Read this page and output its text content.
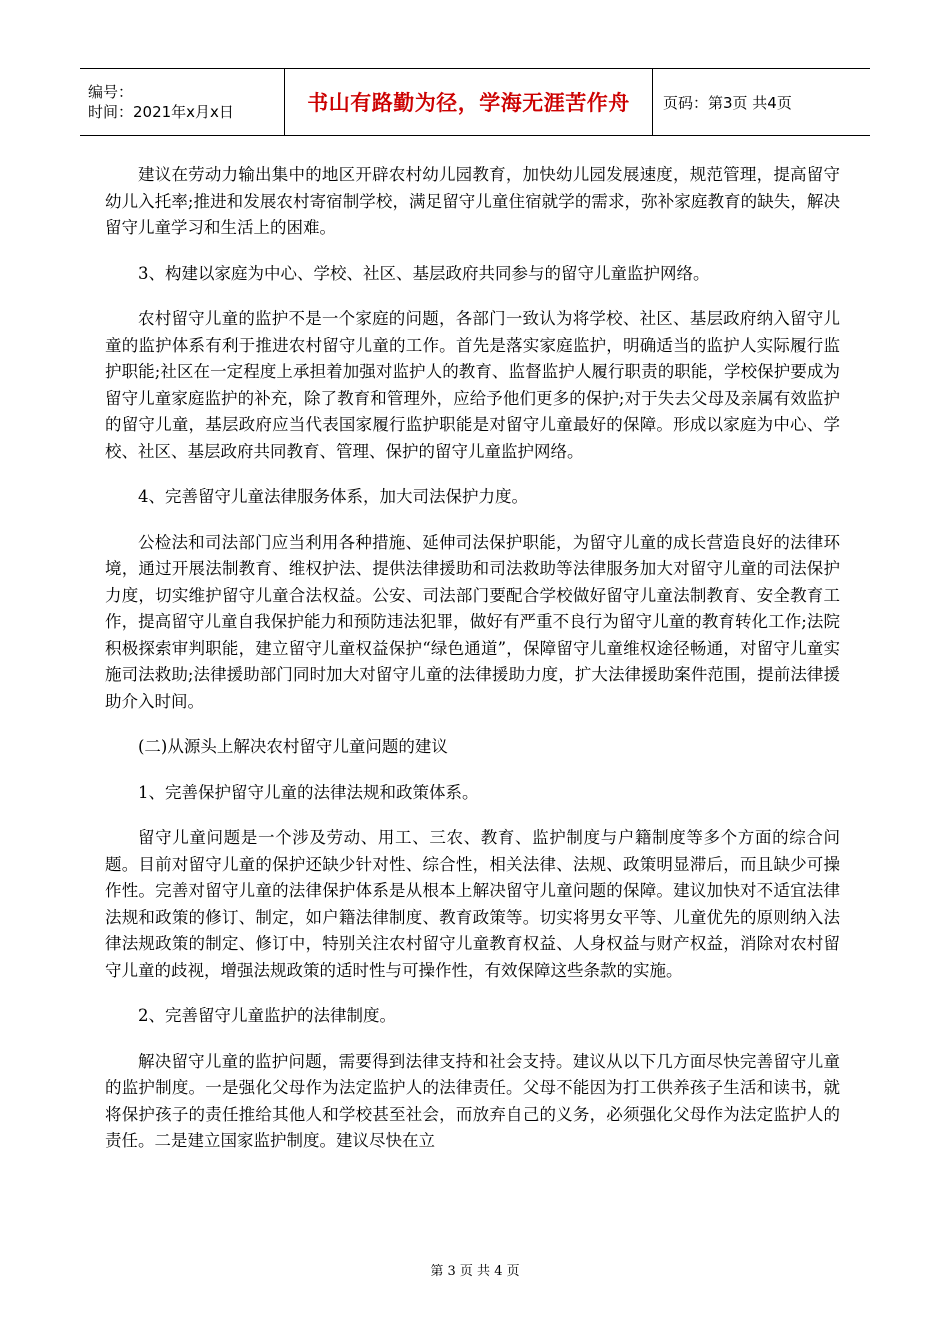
编号：
时间：2021年x月x日	书山有路勤为径，学海无涯苦作舟	页码：第3页 共4页

建议在劳动力输出集中的地区开辟农村幼儿园教育，加快幼儿园发展速度，规范管理，提高留守幼儿入托率;推进和发展农村寄宿制学校，满足留守儿童住宿就学的需求，弥补家庭教育的缺失，解决留守儿童学习和生活上的困难。

3、构建以家庭为中心、学校、社区、基层政府共同参与的留守儿童监护网络。

农村留守儿童的监护不是一个家庭的问题，各部门一致认为将学校、社区、基层政府纳入留守儿童的监护体系有利于推进农村留守儿童的工作。首先是落实家庭监护，明确适当的监护人实际履行监护职能;社区在一定程度上承担着加强对监护人的教育、监督监护人履行职责的职能，学校保护要成为留守儿童家庭监护的补充，除了教育和管理外，应给予他们更多的保护;对于失去父母及亲属有效监护的留守儿童，基层政府应当代表国家履行监护职能是对留守儿童最好的保障。形成以家庭为中心、学校、社区、基层政府共同教育、管理、保护的留守儿童监护网络。

4、完善留守儿童法律服务体系，加大司法保护力度。

公检法和司法部门应当利用各种措施、延伸司法保护职能，为留守儿童的成长营造良好的法律环境，通过开展法制教育、维权护法、提供法律援助和司法救助等法律服务加大对留守儿童的司法保护力度，切实维护留守儿童合法权益。公安、司法部门要配合学校做好留守儿童法制教育、安全教育工作，提高留守儿童自我保护能力和预防违法犯罪，做好有严重不良行为留守儿童的教育转化工作;法院积极探索审判职能，建立留守儿童权益保护“绿色通道”，保障留守儿童维权途径畅通，对留守儿童实施司法救助;法律援助部门同时加大对留守儿童的法律援助力度，扩大法律援助案件范围，提前法律援助介入时间。

(二)从源头上解决农村留守儿童问题的建议

1、完善保护留守儿童的法律法规和政策体系。

留守儿童问题是一个涉及劳动、用工、三农、教育、监护制度与户籍制度等多个方面的综合问题。目前对留守儿童的保护还缺少针对性、综合性，相关法律、法规、政策明显滞后，而且缺少可操作性。完善对留守儿童的法律保护体系是从根本上解决留守儿童问题的保障。建议加快对不适宜法律法规和政策的修订、制定，如户籍法律制度、教育政策等。切实将男女平等、儿童优先的原则纳入法律法规政策的制定、修订中，特别关注农村留守儿童教育权益、人身权益与财产权益，消除对农村留守儿童的歧视，增强法规政策的适时性与可操作性，有效保障这些条款的实施。

2、完善留守儿童监护的法律制度。

解决留守儿童的监护问题，需要得到法律支持和社会支持。建议从以下几方面尽快完善留守儿童的监护制度。一是强化父母作为法定监护人的法律责任。父母不能因为打工供养孩子生活和读书，就将保护孩子的责任推给其他人和学校甚至社会，而放弃自己的义务，必须强化父母作为法定监护人的责任。二是建立国家监护制度。建议尽快在立

第 3 页 共 4 页
